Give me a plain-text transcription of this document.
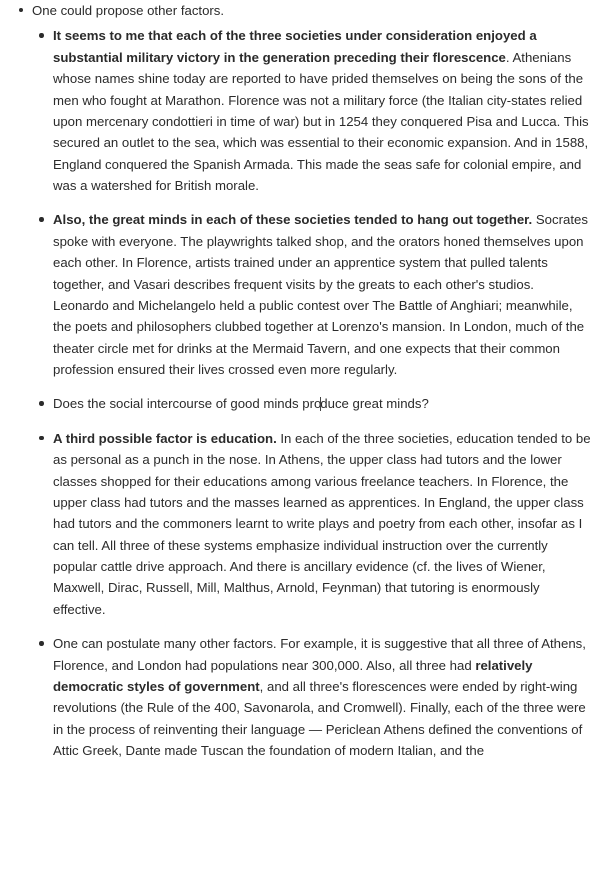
One could propose other factors.
It seems to me that each of the three societies under consideration enjoyed a substantial military victory in the generation preceding their florescence. Athenians whose names shine today are reported to have prided themselves on being the sons of the men who fought at Marathon. Florence was not a military force (the Italian city-states relied upon mercenary condottieri in time of war) but in 1254 they conquered Pisa and Lucca. This secured an outlet to the sea, which was essential to their economic expansion. And in 1588, England conquered the Spanish Armada. This made the seas safe for colonial empire, and was a watershed for British morale.
Also, the great minds in each of these societies tended to hang out together. Socrates spoke with everyone. The playwrights talked shop, and the orators honed themselves upon each other. In Florence, artists trained under an apprentice system that pulled talents together, and Vasari describes frequent visits by the greats to each other's studios. Leonardo and Michelangelo held a public contest over The Battle of Anghiari; meanwhile, the poets and philosophers clubbed together at Lorenzo's mansion. In London, much of the theater circle met for drinks at the Mermaid Tavern, and one expects that their common profession ensured their lives crossed even more regularly.
Does the social intercourse of good minds produce great minds?
A third possible factor is education. In each of the three societies, education tended to be as personal as a punch in the nose. In Athens, the upper class had tutors and the lower classes shopped for their educations among various freelance teachers. In Florence, the upper class had tutors and the masses learned as apprentices. In England, the upper class had tutors and the commoners learnt to write plays and poetry from each other, insofar as I can tell. All three of these systems emphasize individual instruction over the currently popular cattle drive approach. And there is ancillary evidence (cf. the lives of Wiener, Maxwell, Dirac, Russell, Mill, Malthus, Arnold, Feynman) that tutoring is enormously effective.
One can postulate many other factors. For example, it is suggestive that all three of Athens, Florence, and London had populations near 300,000. Also, all three had relatively democratic styles of government, and all three's florescences were ended by right-wing revolutions (the Rule of the 400, Savonarola, and Cromwell). Finally, each of the three were in the process of reinventing their language — Periclean Athens defined the conventions of Attic Greek, Dante made Tuscan the foundation of modern Italian, and the
